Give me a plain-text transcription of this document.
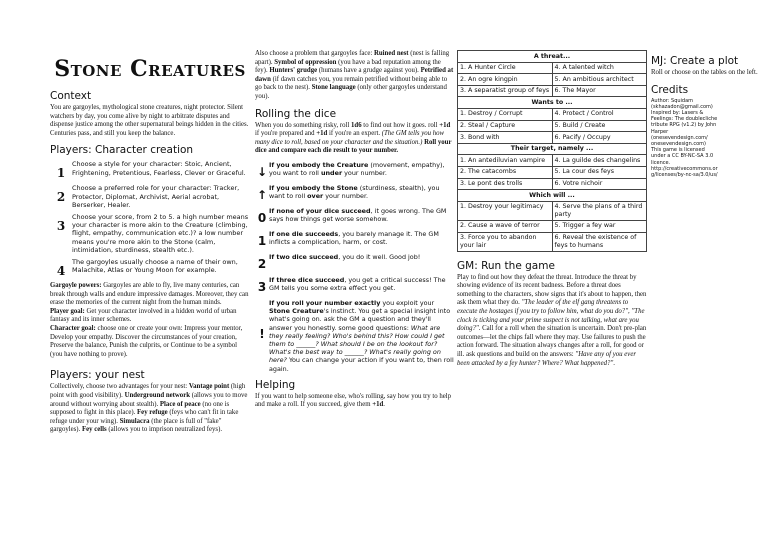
Stone Creatures
Context

You are gargoyles, mythological stone creatures, night protector. Silent watchers by day, you come alive by night to arbitrate disputes and dispense justice among the other supernatural beings hidden in the cities. Centuries pass, and still you keep the balance.

Players: Character creation
1
Choose a style for your character: Stoic, Ancient, Frightening, Pretentious, Fearless, Clever or Graceful.
2
Choose a preferred role for your character: Tracker, Protector, Diplomat, Archivist, Aerial acrobat, Berserker, Healer.
3
Choose your score, from 2 to 5. a high number means your character is more akin to the Creature (climbing, flight, empathy, communication etc.)? a low number means you're more akin to the Stone (calm, intimidation, sturdiness, stealth etc.).
4
The gargoyles usually choose a name of their own, Malachite, Atlas or Young Moon for example.

Gargoyle powers: Gargoyles are able to fly, live many centuries, can break through walls and endure impressive damages. Moreover, they can erase the memories of the current night from the human minds.

Player goal: Get your character involved in a hidden world of urban fantasy and its inner schemes.

Character goal: choose one or create your own: Impress your mentor, Develop your empathy. Discover the circumstances of your creation, Preserve the balance, Punish the culprits, or Continue to be a symbol (you have nothing to prove).

Players: your nest

Collectively, choose two advantages for your nest: Vantage point (high point with good visibility). Underground network (allows you to move around without worrying about stealth). Place of peace (no one is supposed to fight in this place). Fey refuge (feys who can't fit in take refuge under your wing). Simulacra (the place is full of "fake" gargoyles). Fey cells (allows you to imprison neutralized feys).

Also choose a problem that gargoyles face: Ruined nest (nest is falling apart). Symbol of oppression (you have a bad reputation among the fey). Hunters' grudge (humans have a grudge against you). Petrified at dawn (if dawn catches you, you remain petrified without being able to go back to the nest). Stone language (only other gargoyles understand you).

Rolling the dice

When you do something risky, roll 1d6 to find out how it goes. roll +1d if you're prepared and +1d if you're an expert. (The GM tells you how many dice to roll, based on your character and the situation.) Roll your dice and compare each die result to your number.

↓ If you embody the Creature (movement, empathy), you want to roll under your number.
↑ If you embody the Stone (sturdiness, stealth), you want to roll over your number.
0 If none of your dice succeed, it goes wrong. The GM says how things get worse somehow.
1 If one die succeeds, you barely manage it. The GM inflicts a complication, harm, or cost.
2 If two dice succeed, you do it well. Good job!
3 If three dice succeed, you get a critical success! The GM tells you some extra effect you get.
!
If you roll your number exactly you exploit your Stone Creature's instinct. You get a special insight into what's going on. ask the GM a question and they'll answer you honestly. some good questions: What are they really feeling? Who's behind this? How could I get them to ______? What should I be on the lookout for? What's the best way to ______? What's really going on here? You can change your action if you want to, then roll again.
Helping

If you want to help someone else, who's rolling, say how you try to help and make a roll. If you succeed, give them +1d.

A threat...	
1. A Hunter Circle	4. A talented witch
2. An ogre kingpin	5. An ambitious architect
3. A separatist group of feys	6. The Mayor
Wants to ...	
1. Destroy / Corrupt	4. Protect / Control
2. Steal / Capture	5. Build / Create
3. Bond with	6. Pacify / Occupy
Their target, namely ...	
1. An antediluvian vampire	4. La guilde des changelins
2. The catacombs	5. La cour des feys
3. Le pont des trolls	6. Votre nichoir
Which will ...	
1. Destroy your legitimacy	4. Serve the plans of a third party
2. Cause a wave of terror	5. Trigger a fey war
3. Force you to abandon your lair	6. Reveal the existence of feys to humans
GM: Run the game

Play to find out how they defeat the threat. Introduce the threat by showing evidence of its recent badness. Before a threat does something to the characters, show signs that it's about to happen, then ask them what they do. "The leader of the elf gang threatens to execute the hostages if you try to follow him, what do you do?", "The clock is ticking and your prime suspect is not talking, what are you doing?". Call for a roll when the situation is uncertain. Don't pre-plan outcomes—let the chips fall where they may. Use failures to push the action forward. The situation always changes after a roll, for good or ill. ask questions and build on the answers: "Have any of you ever been attacked by a fey hunter? Where? What happened?".

MJ: Create a plot

Roll or choose on the tables on the left.

Credits
Author: Squidam
(skhazadon@gmail.com)
Inspired by: Lasers &
Feelings: The doublecliche
tribute RPG (v1.2) by John
Harper
(onesevendesign.com/
onesevendesign.com)
This game is licensed
under a CC BY-NC-SA 3.0
licence.
http://creativecommons.or
g/licenses/by-nc-sa/3.0/us/
